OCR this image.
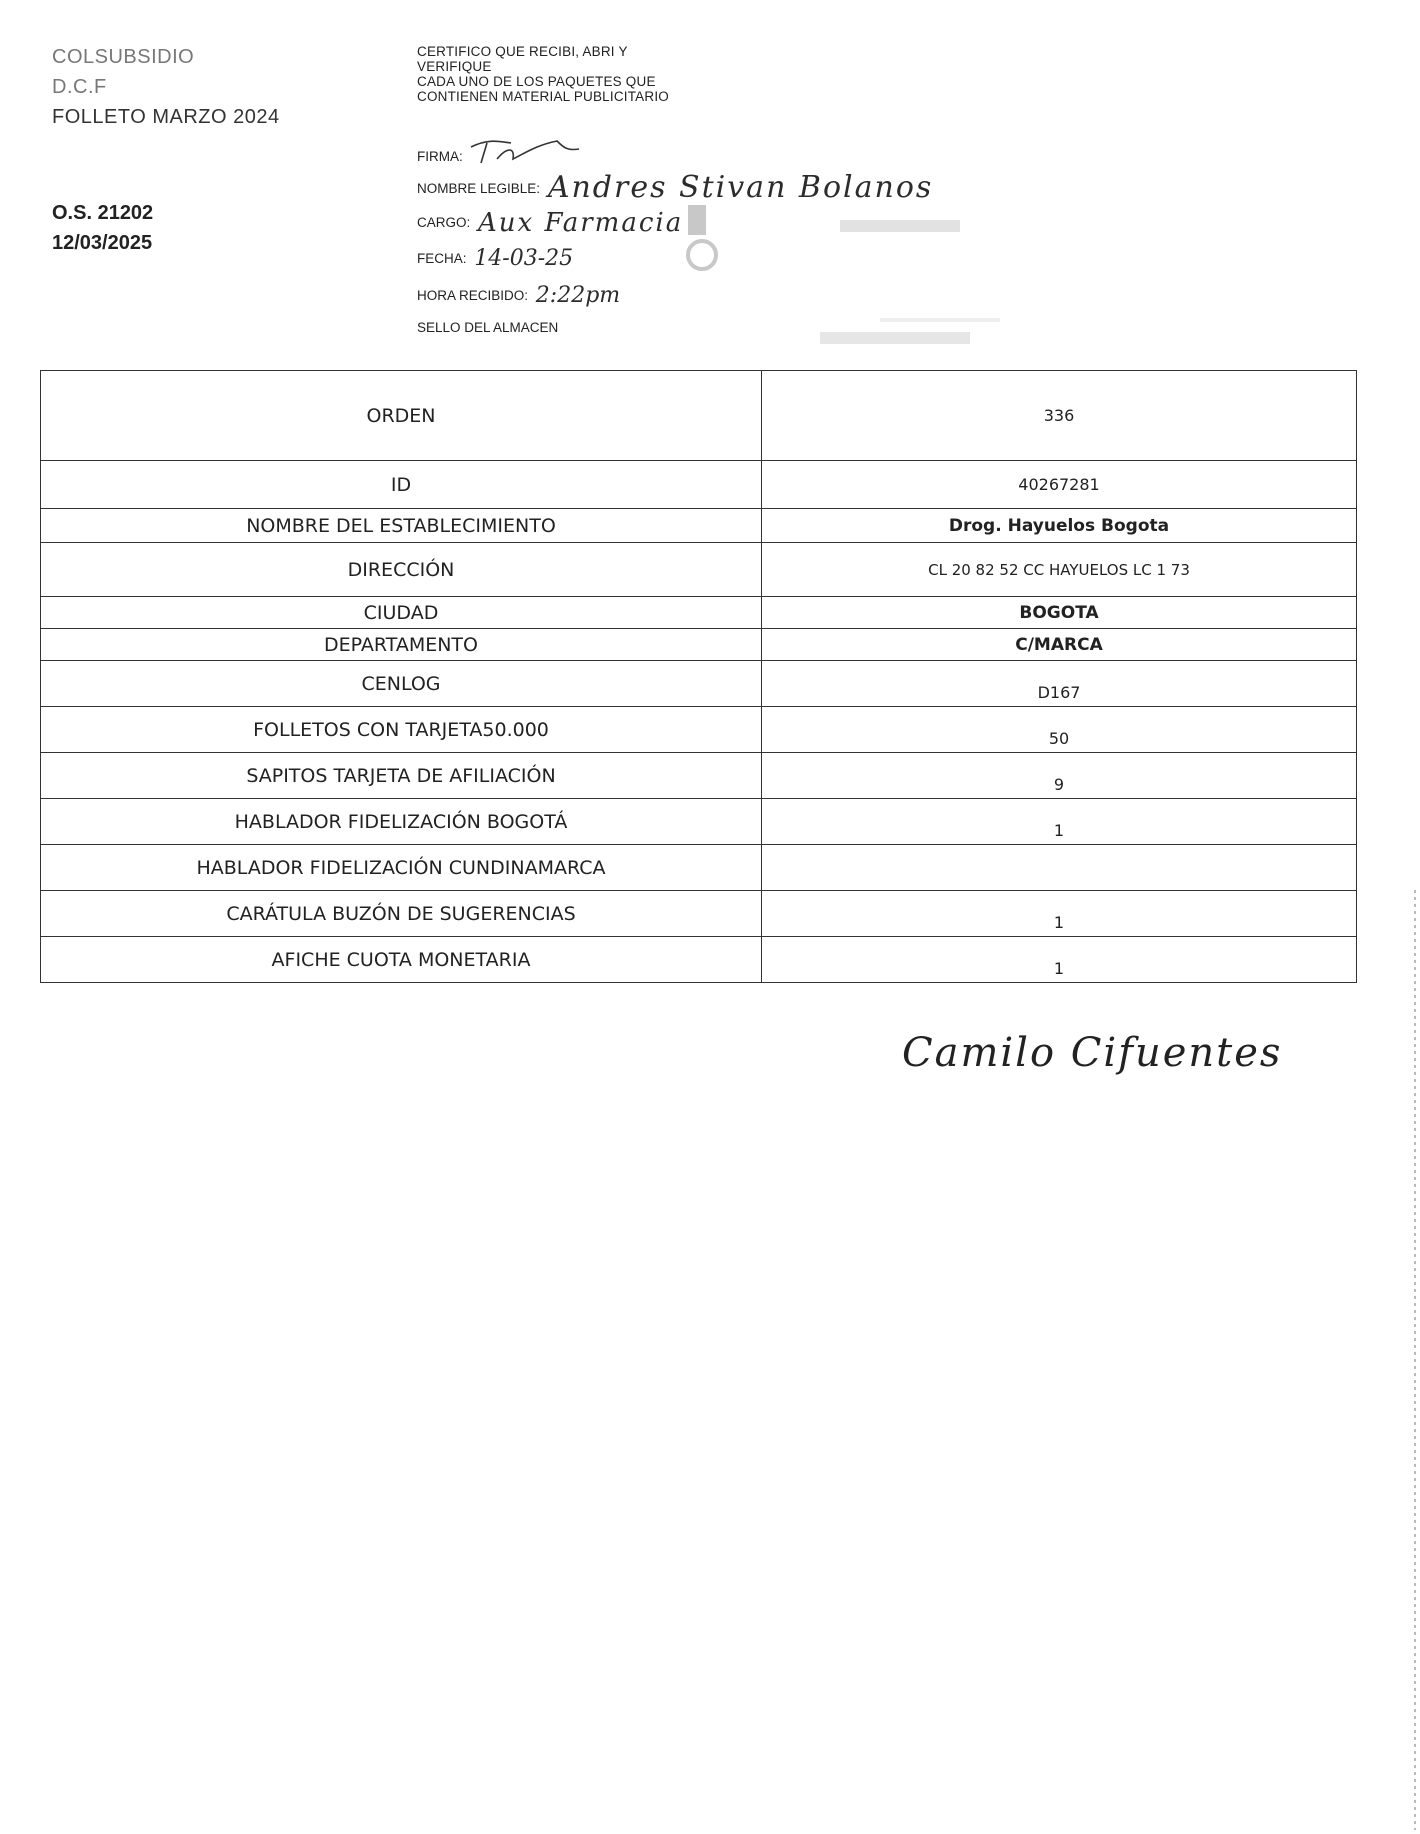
COLSUBSIDIO
D.C.F
FOLLETO MARZO 2024
O.S. 21202
12/03/2025
CERTIFICO QUE RECIBI, ABRI Y
VERIFIQUE
CADA UNO DE LOS PAQUETES QUE
CONTIENEN MATERIAL PUBLICITARIO
FIRMA:
NOMBRE LEGIBLE: Andres Stivan Bolanos
CARGO: Aux Farmacia
FECHA: 14-03-25
HORA RECIBIDO: 2:22pm
SELLO DEL ALMACEN
ORDEN	336
ID	40267281
NOMBRE DEL ESTABLECIMIENTO	Drog. Hayuelos Bogota
DIRECCIÓN	CL 20 82 52 CC HAYUELOS LC 1 73
CIUDAD	BOGOTA
DEPARTAMENTO	C/MARCA
CENLOG	D167
FOLLETOS CON TARJETA50.000	50
SAPITOS TARJETA DE AFILIACIÓN	9
HABLADOR FIDELIZACIÓN BOGOTÁ	1
HABLADOR FIDELIZACIÓN CUNDINAMARCA	
CARÁTULA BUZÓN DE SUGERENCIAS	1
AFICHE CUOTA MONETARIA	1
Camilo Cifuentes
